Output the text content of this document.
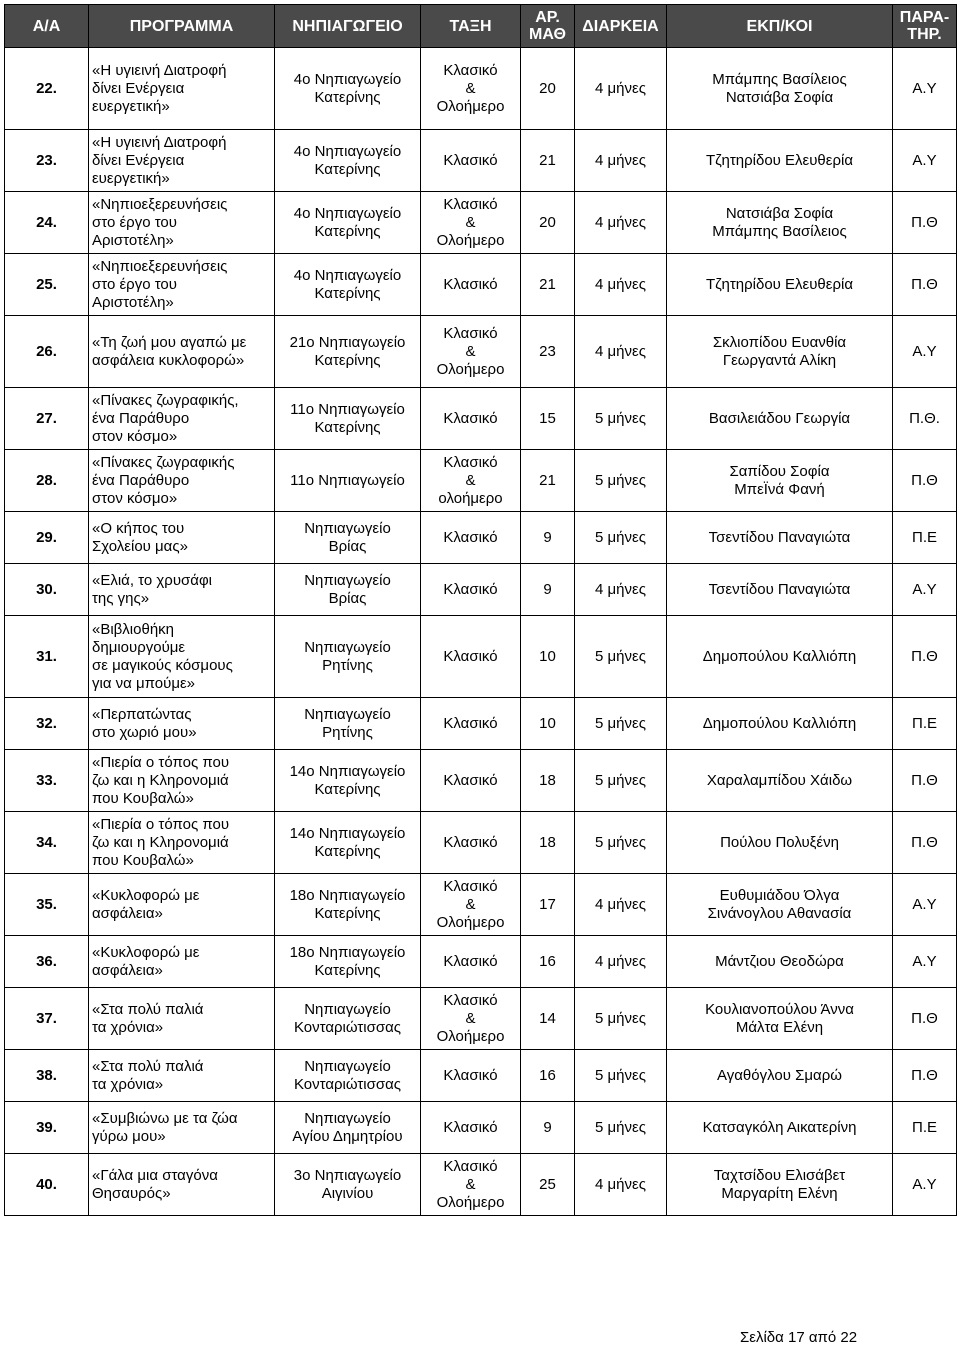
Α/Α	ΠΡΟΓΡΑΜΜΑ	ΝΗΠΙΑΓΩΓΕΙΟ	ΤΑΞΗ	ΑΡ. ΜΑΘ	ΔΙΑΡΚΕΙΑ	ΕΚΠ/ΚΟΙ	ΠΑΡΑ-ΤΗΡ.

22.	«Η υγιεινή Διατροφή
δίνει Ενέργεια
ευεργετική»	4ο Νηπιαγωγείο
Κατερίνης	Κλασικό
&
Ολοήμερο	20	4 μήνες	Μπάμπης Βασίλειος
Νατσιάβα Σοφία	Α.Υ

23.	«Η υγιεινή Διατροφή
δίνει Ενέργεια
ευεργετική»	4ο Νηπιαγωγείο
Κατερίνης	Κλασικό	21	4 μήνες	Τζητηρίδου Ελευθερία	Α.Υ

24.	«Νηπιοεξερευνήσεις
στο έργο του
Αριστοτέλη»	4ο Νηπιαγωγείο
Κατερίνης	Κλασικό
&
Ολοήμερο	20	4 μήνες	Νατσιάβα Σοφία
Μπάμπης Βασίλειος	Π.Θ

25.	«Νηπιοεξερευνήσεις
στο έργο του
Αριστοτέλη»	4ο Νηπιαγωγείο
Κατερίνης	Κλασικό	21	4 μήνες	Τζητηρίδου Ελευθερία	Π.Θ

26.	«Τη ζωή μου αγαπώ με
ασφάλεια κυκλοφορώ»	21ο Νηπιαγωγείο
Κατερίνης	Κλασικό
&
Ολοήμερο	23	4 μήνες	Σκλιοπίδου Ευανθία
Γεωργαντά Αλίκη	Α.Υ

27.	«Πίνακες ζωγραφικής,
ένα Παράθυρο
στον κόσμο»	11ο Νηπιαγωγείο
Κατερίνης	Κλασικό	15	5 μήνες	Βασιλειάδου Γεωργία	Π.Θ.

28.	«Πίνακες ζωγραφικής
ένα Παράθυρο
στον κόσμο»	11ο Νηπιαγωγείο	Κλασικό
&
ολοήμερο	21	5 μήνες	Σαπίδου Σοφία
ΜπεΪνά Φανή	Π.Θ

29.	«Ο κήπος του
Σχολείου μας»	Νηπιαγωγείο
Βρίας	Κλασικό	9	5 μήνες	Τσεντίδου Παναγιώτα	Π.Ε

30.	«Ελιά, το χρυσάφι
της γης»	Νηπιαγωγείο
Βρίας	Κλασικό	9	4 μήνες	Τσεντίδου Παναγιώτα	Α.Υ

31.	«Βιβλιοθήκη
δημιουργούμε
σε μαγικούς κόσμους
για να μπούμε»	Νηπιαγωγείο
Ρητίνης	Κλασικό	10	5 μήνες	Δημοπούλου Καλλιόπη	Π.Θ

32.	«Περπατώντας
στο χωριό μου»	Νηπιαγωγείο
Ρητίνης	Κλασικό	10	5 μήνες	Δημοπούλου Καλλιόπη	Π.Ε

33.	«Πιερία ο τόπος που
ζω και η Κληρονομιά
που Κουβαλώ»	14ο Νηπιαγωγείο
Κατερίνης	Κλασικό	18	5 μήνες	Χαραλαμπίδου Χάιδω	Π.Θ

34.	«Πιερία ο τόπος που
ζω και η Κληρονομιά
που Κουβαλώ»	14ο Νηπιαγωγείο
Κατερίνης	Κλασικό	18	5 μήνες	Πούλου Πολυξένη	Π.Θ

35.	«Κυκλοφορώ με
ασφάλεια»	18ο Νηπιαγωγείο
Κατερίνης	Κλασικό
&
Ολοήμερο	17	4 μήνες	Ευθυμιάδου Όλγα
Σινάνογλου Αθανασία	Α.Υ

36.	«Κυκλοφορώ με
ασφάλεια»	18ο Νηπιαγωγείο
Κατερίνης	Κλασικό	16	4 μήνες	Μάντζιου Θεοδώρα	Α.Υ

37.	«Στα πολύ παλιά
τα χρόνια»	Νηπιαγωγείο
Κονταριώτισσας	Κλασικό
&
Ολοήμερο	14	5 μήνες	Κουλιανοπούλου Άννα
Μάλτα Ελένη	Π.Θ

38.	«Στα πολύ παλιά
τα χρόνια»	Νηπιαγωγείο
Κονταριώτισσας	Κλασικό	16	5 μήνες	Αγαθόγλου Σμαρώ	Π.Θ

39.	«Συμβιώνω με τα ζώα
γύρω μου»	Νηπιαγωγείο
Αγίου Δημητρίου	Κλασικό	9	5 μήνες	Κατσαγκόλη Αικατερίνη	Π.Ε

40.	«Γάλα μια σταγόνα
Θησαυρός»	3ο Νηπιαγωγείο
Αιγινίου	Κλασικό
&
Ολοήμερο	25	4 μήνες	Ταχτσίδου Ελισάβετ
Μαργαρίτη Ελένη	Α.Υ
Σελίδα 17 από 22
